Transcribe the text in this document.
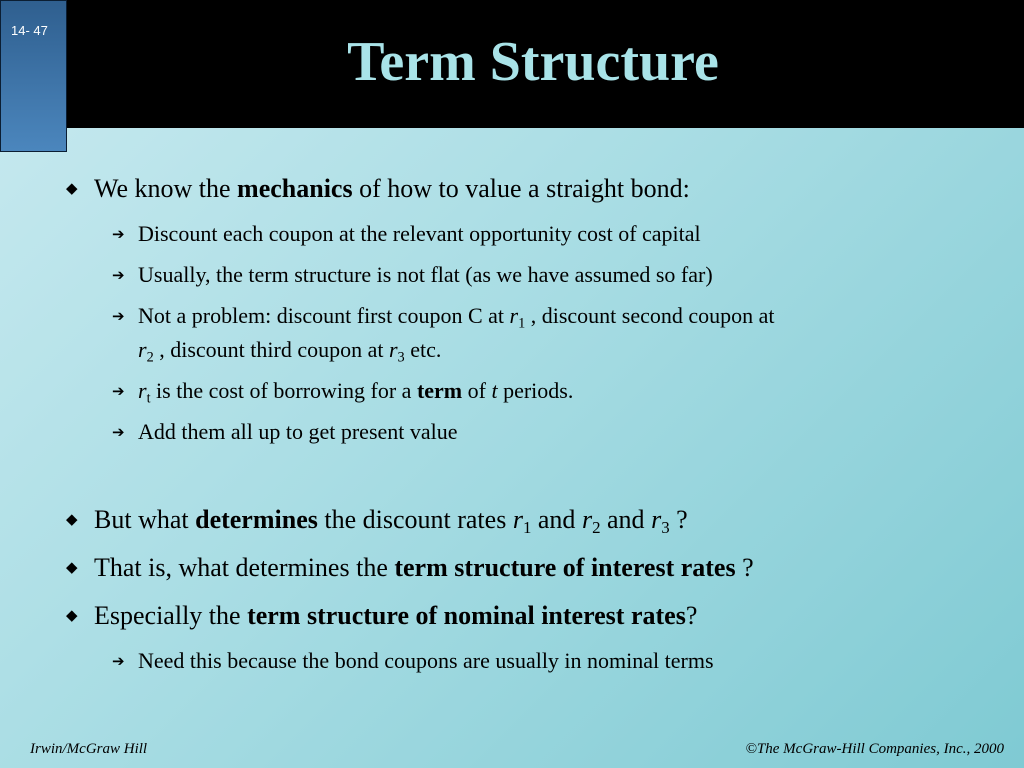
14- 47
Term Structure
◆ We know the mechanics of how to value a straight bond:
➔ Discount each coupon at the relevant opportunity cost of capital
➔ Usually, the term structure is not flat (as we have assumed so far)
➔ Not a problem: discount first coupon C at $r_1$ , discount second coupon at
$r_2$ , discount third coupon at $r_3$ etc.
➔ $r_t$ is the cost of borrowing for a term of t periods.
➔ Add them all up to get present value
◆ But what determines the discount rates $r_1$ and $r_2$ and $r_3$ ?
◆ That is, what determines the term structure of interest rates ?
◆ Especially the term structure of nominal interest rates?
➔ Need this because the bond coupons are usually in nominal terms
Irwin/McGraw Hill	©The McGraw-Hill Companies, Inc., 2000
